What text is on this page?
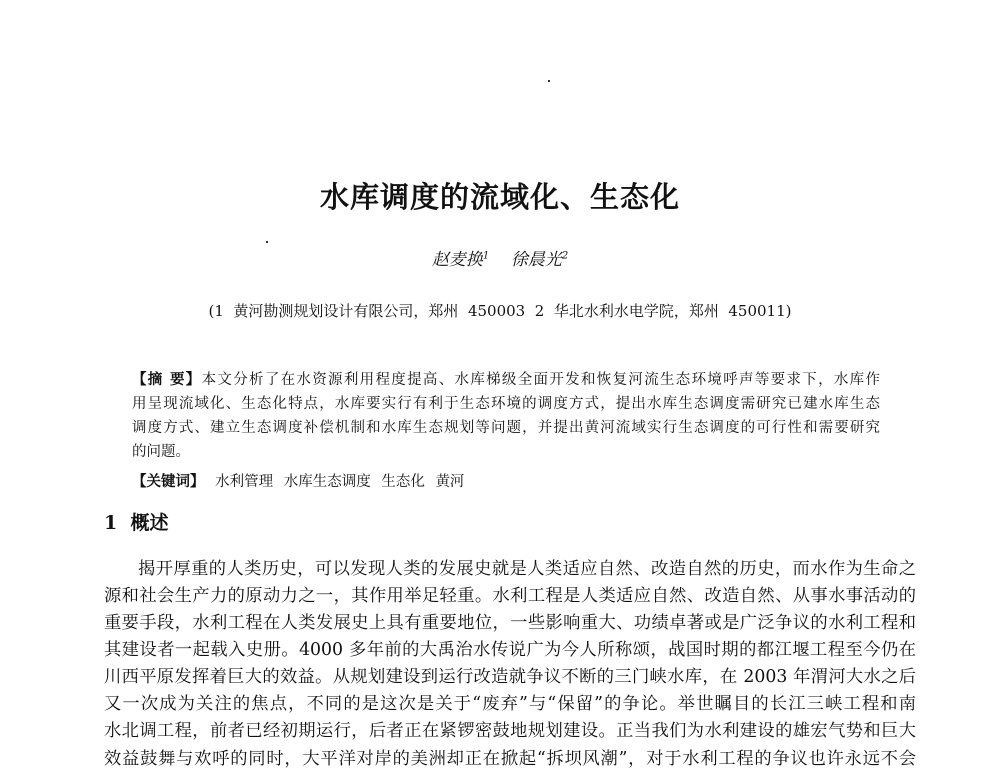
水库调度的流域化、生态化
赵麦换$^1$ 徐晨光$^2$
(1  黄河勘测规划设计有限公司，郑州  450003  2  华北水利水电学院，郑州  450011)
【摘 要】本文分析了在水资源利用程度提高、水库梯级全面开发和恢复河流生态环境呼声等要求下，水库作
用呈现流域化、生态化特点，水库要实行有利于生态环境的调度方式，提出水库生态调度需研究已建水库生态
调度方式、建立生态调度补偿机制和水库生态规划等问题，并提出黄河流域实行生态调度的可行性和需要研究
的问题。
【关键词】 水利管理 水库生态调度 生态化 黄河
1  概述
揭开厚重的人类历史，可以发现人类的发展史就是人类适应自然、改造自然的历史，而水作为生命之
源和社会生产力的原动力之一，其作用举足轻重。水利工程是人类适应自然、改造自然、从事水事活动的
重要手段，水利工程在人类发展史上具有重要地位，一些影响重大、功绩卓著或是广泛争议的水利工程和
其建设者一起载入史册。4000 多年前的大禹治水传说广为今人所称颂，战国时期的都江堰工程至今仍在
川西平原发挥着巨大的效益。从规划建设到运行改造就争议不断的三门峡水库，在 2003 年渭河大水之后
又一次成为关注的焦点，不同的是这次是关于“废弃”与“保留”的争论。举世瞩目的长江三峡工程和南
水北调工程，前者已经初期运行，后者正在紧锣密鼓地规划建设。正当我们为水利建设的雄宏气势和巨大
效益鼓舞与欢呼的同时，大平洋对岸的美洲却正在掀起“拆坝风潮”，对于水利工程的争议也许永远不会
